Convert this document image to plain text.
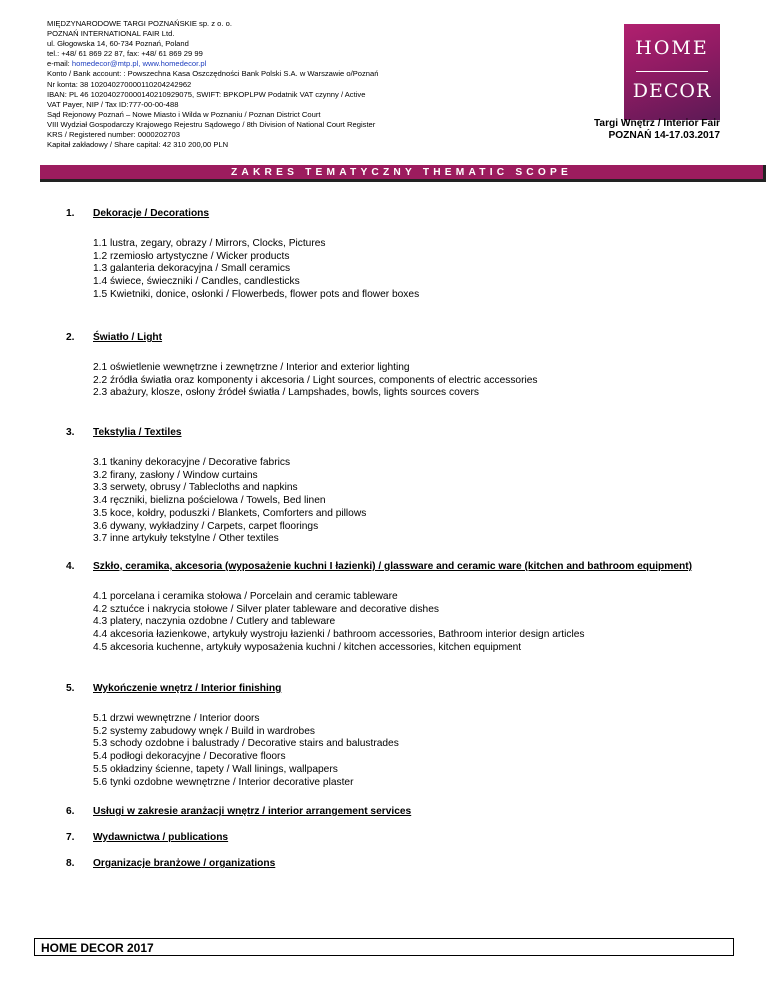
MIĘDZYNARODOWE TARGI POZNAŃSKIE sp. z o. o.
POZNAŃ INTERNATIONAL FAIR Ltd.
ul. Głogowska 14, 60-734 Poznań, Poland
tel.: +48/ 61 869 22 87, fax: +48/ 61 869 29 99
e-mail: homedecor@mtp.pl, www.homedecor.pl
Konto / Bank account: : Powszechna Kasa Oszczędności Bank Polski S.A. w Warszawie o/Poznań
Nr konta: 38 102040270000110204242962
IBAN: PL 46 102040270000140210929075, SWIFT: BPKOPLPW Podatnik VAT czynny / Active
VAT Payer, NIP / Tax ID:777-00-00-488
Sąd Rejonowy Poznań – Nowe Miasto i Wilda w Poznaniu / Poznan District Court
VIII Wydział Gospodarczy Krajowego Rejestru Sądowego / 8th Division of National Court Register
KRS / Registered number: 0000202703
Kapitał zakładowy / Share capital: 42 310 200,00 PLN
HOME
DECOR
Targi Wnętrz / Interior Fair
POZNAŃ 14-17.03.2017
ZAKRES TEMATYCZNY THEMATIC SCOPE
1. Dekoracje / Decorations
1.1 lustra, zegary, obrazy / Mirrors, Clocks, Pictures
1.2 rzemiosło artystyczne / Wicker products
1.3 galanteria dekoracyjna / Small ceramics
1.4 świece, świeczniki / Candles, candlesticks
1.5 Kwietniki, donice, osłonki / Flowerbeds, flower pots and flower boxes
2. Światło / Light
2.1 oświetlenie wewnętrzne i zewnętrzne / Interior and exterior lighting
2.2 źródła światła oraz komponenty i akcesoria / Light sources, components of electric accessories
2.3 abażury, klosze, osłony źródeł światła / Lampshades, bowls, lights sources covers
3. Tekstylia / Textiles
3.1 tkaniny dekoracyjne / Decorative fabrics
3.2 firany, zasłony / Window curtains
3.3 serwety, obrusy / Tablecloths and napkins
3.4 ręczniki, bielizna pościelowa / Towels, Bed linen
3.5 koce, kołdry, poduszki / Blankets, Comforters and pillows
3.6 dywany, wykładziny / Carpets, carpet floorings
3.7 inne artykuły tekstylne / Other textiles
4. Szkło, ceramika, akcesoria (wyposażenie kuchni I łazienki) / glassware and ceramic ware (kitchen and bathroom equipment)
4.1 porcelana i ceramika stołowa / Porcelain and ceramic tableware
4.2 sztućce i nakrycia stołowe / Silver plater tableware and decorative dishes
4.3 platery, naczynia ozdobne / Cutlery and tableware
4.4 akcesoria łazienkowe, artykuły wystroju łazienki / bathroom accessories, Bathroom interior design articles
4.5 akcesoria kuchenne, artykuły wyposażenia kuchni / kitchen accessories, kitchen equipment
5. Wykończenie wnętrz / Interior finishing
5.1 drzwi wewnętrzne / Interior doors
5.2 systemy zabudowy wnęk / Build in wardrobes
5.3 schody ozdobne i balustrady / Decorative stairs and balustrades
5.4 podłogi dekoracyjne / Decorative floors
5.5 okładziny ścienne, tapety / Wall linings, wallpapers
5.6 tynki ozdobne wewnętrzne / Interior decorative plaster
6. Usługi w zakresie aranżacji wnętrz / interior arrangement services
7. Wydawnictwa / publications
8. Organizacje branżowe / organizations
HOME DECOR 2017
